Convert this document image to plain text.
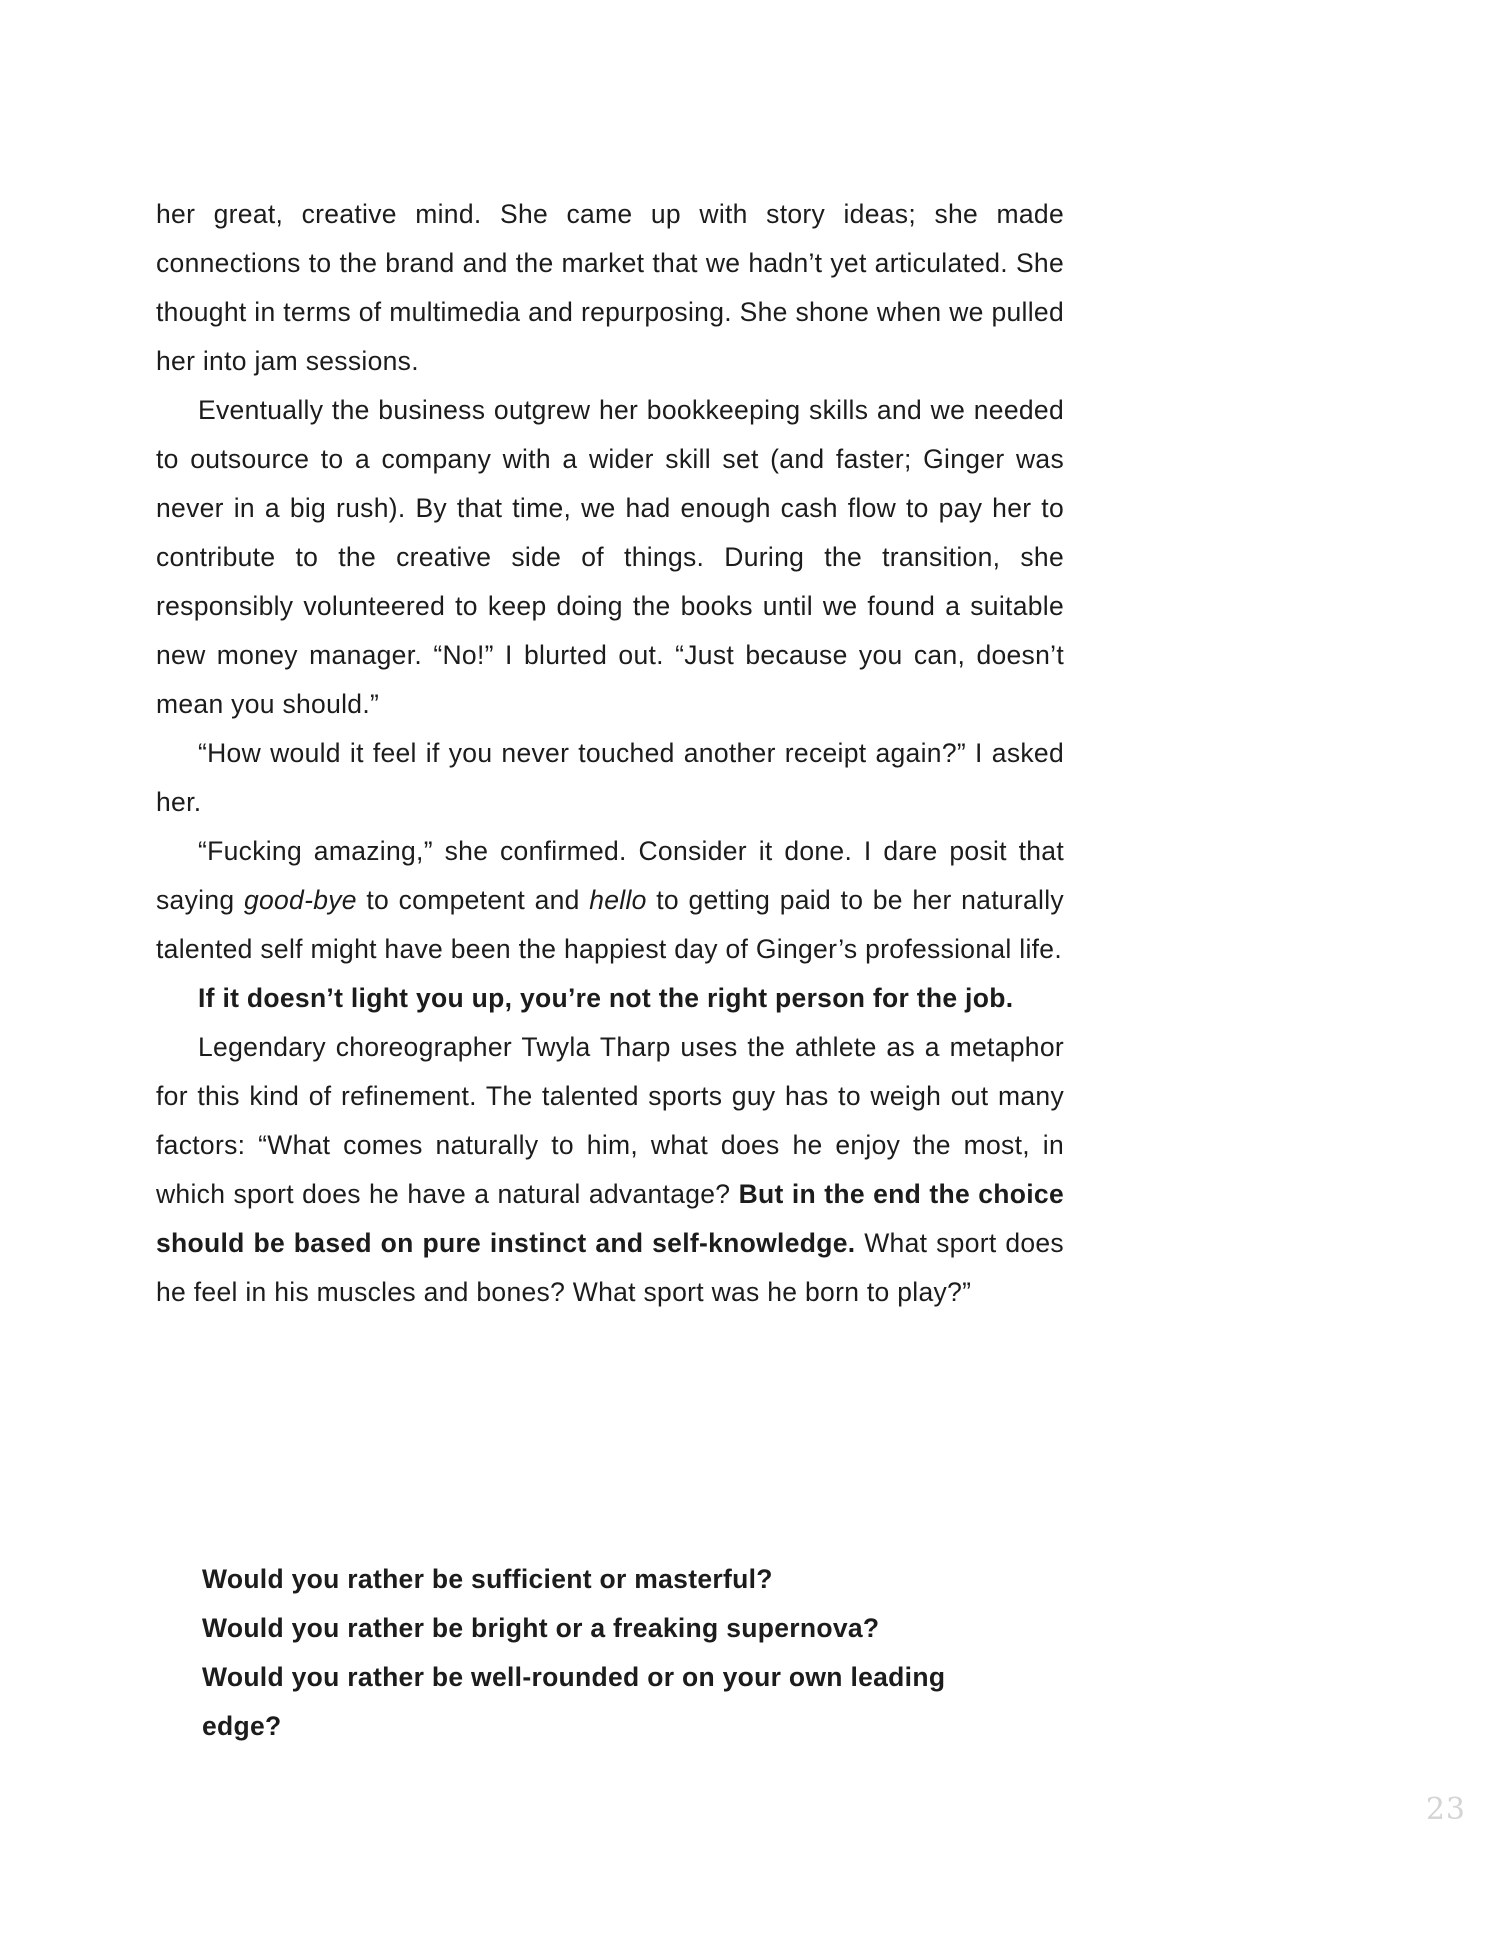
her great, creative mind. She came up with story ideas; she made connections to the brand and the market that we hadn’t yet articulated. She thought in terms of multimedia and repurposing. She shone when we pulled her into jam sessions.

Eventually the business outgrew her bookkeeping skills and we needed to outsource to a company with a wider skill set (and faster; Ginger was never in a big rush). By that time, we had enough cash flow to pay her to contribute to the creative side of things. During the transition, she responsibly volunteered to keep doing the books until we found a suitable new money manager. “No!” I blurted out. “Just because you can, doesn’t mean you should.”

“How would it feel if you never touched another receipt again?” I asked her.

“Fucking amazing,” she confirmed. Consider it done. I dare posit that saying good-bye to competent and hello to getting paid to be her naturally talented self might have been the happiest day of Ginger’s professional life.

If it doesn’t light you up, you’re not the right person for the job.

Legendary choreographer Twyla Tharp uses the athlete as a metaphor for this kind of refinement. The talented sports guy has to weigh out many factors: “What comes naturally to him, what does he enjoy the most, in which sport does he have a natural advantage? But in the end the choice should be based on pure instinct and self-knowledge. What sport does he feel in his muscles and bones? What sport was he born to play?”

Would you rather be sufficient or masterful?

Would you rather be bright or a freaking supernova?

Would you rather be well-rounded or on your own leading edge?

23
